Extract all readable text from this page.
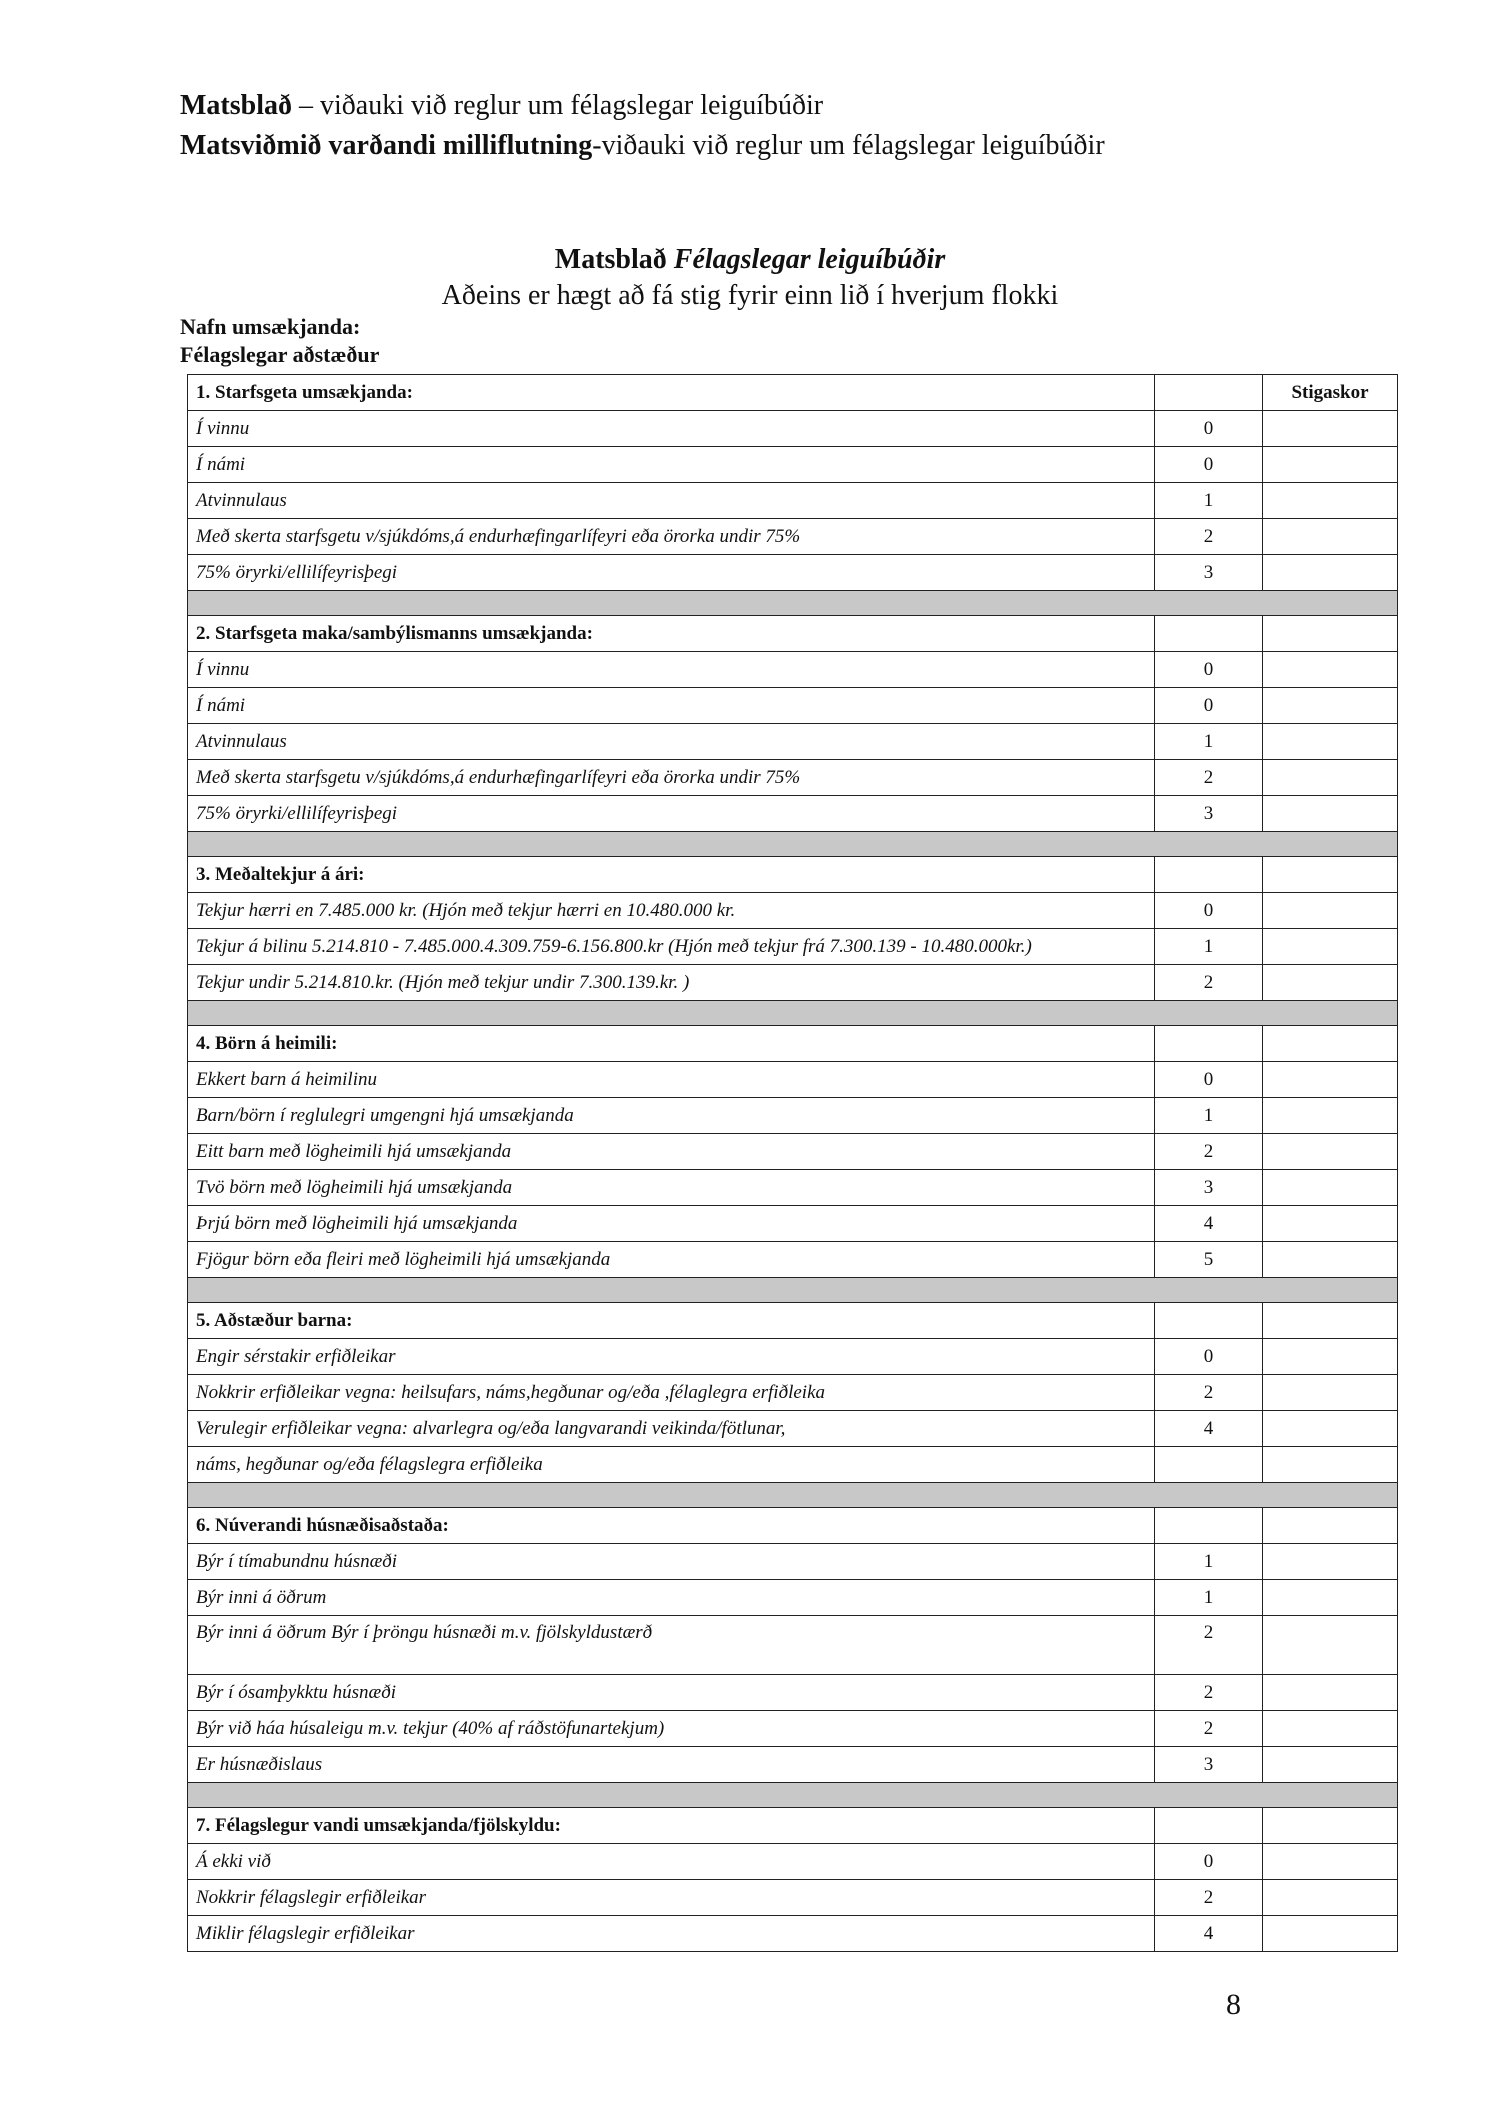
Matsblað – viðauki við reglur um félagslegar leiguíbúðir
Matsviðmið varðandi milliflutning-viðauki við reglur um félagslegar leiguíbúðir
Matsblað Félagslegar leiguíbúðir
Aðeins er hægt að fá stig fyrir einn lið í hverjum flokki
Nafn umsækjanda:
Félagslegar aðstæður
1. Starfsgeta umsækjanda:		Stigaskor
Í vinnu	0	
Í námi	0	
Atvinnulaus	1	
Með skerta starfsgetu v/sjúkdóms,á endurhæfingarlífeyri eða örorka undir 75%	2	
75% öryrki/ellilífeyrisþegi	3	

2. Starfsgeta maka/sambýlismanns umsækjanda:		
Í vinnu	0	
Í námi	0	
Atvinnulaus	1	
Með skerta starfsgetu v/sjúkdóms,á endurhæfingarlífeyri eða örorka undir 75%	2	
75% öryrki/ellilífeyrisþegi	3	

3. Meðaltekjur á ári:		
Tekjur hærri en 7.485.000 kr. (Hjón með tekjur hærri en 10.480.000 kr.	0	
Tekjur á bilinu 5.214.810 - 7.485.000.4.309.759-6.156.800.kr (Hjón með tekjur frá 7.300.139 - 10.480.000kr.)	1	
Tekjur undir 5.214.810.kr. (Hjón með tekjur undir 7.300.139.kr. )	2	

4. Börn á heimili:		
Ekkert barn á heimilinu	0	
Barn/börn í reglulegri umgengni hjá umsækjanda	1	
Eitt barn með lögheimili hjá umsækjanda	2	
Tvö börn með lögheimili hjá umsækjanda	3	
Þrjú börn með lögheimili hjá umsækjanda	4	
Fjögur börn eða fleiri með lögheimili hjá umsækjanda	5	

5. Aðstæður barna:		
Engir sérstakir erfiðleikar	0	
Nokkrir erfiðleikar vegna: heilsufars, náms,hegðunar og/eða ,félaglegra erfiðleika	2	
Verulegir erfiðleikar vegna: alvarlegra og/eða langvarandi veikinda/fötlunar,	4	
náms, hegðunar og/eða félagslegra erfiðleika		

6. Núverandi húsnæðisaðstaða:		
Býr í tímabundnu húsnæði	1	
Býr inni á öðrum	1	
Býr inni á öðrum Býr í þröngu húsnæði m.v. fjölskyldustærð	2	
Býr í ósamþykktu húsnæði	2	
Býr við háa húsaleigu m.v. tekjur (40% af ráðstöfunartekjum)	2	
Er húsnæðislaus	3	

7. Félagslegur vandi umsækjanda/fjölskyldu:		
Á ekki við	0	
Nokkrir félagslegir erfiðleikar	2	
Miklir félagslegir erfiðleikar	4	
8
